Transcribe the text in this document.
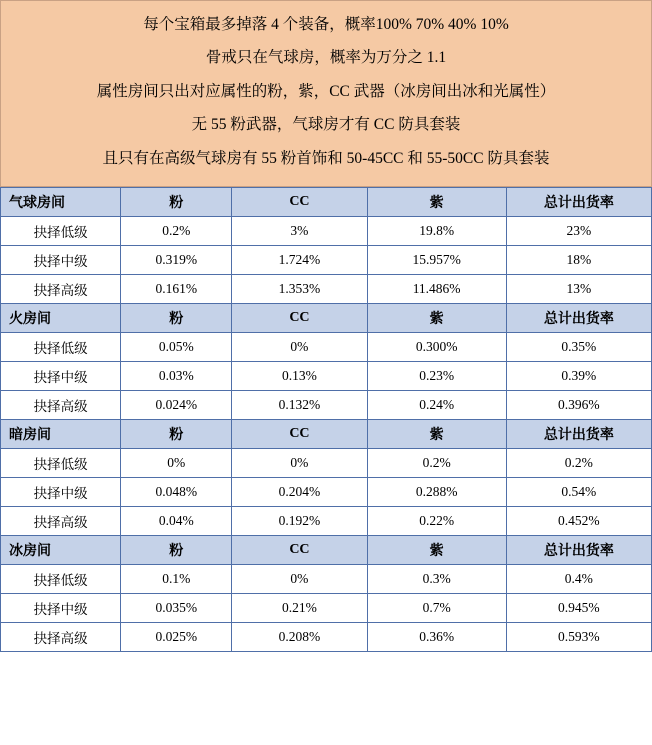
每个宝箱最多掉落 4 个装备，概率100% 70% 40% 10%
骨戒只在气球房，概率为万分之 1.1
属性房间只出对应属性的粉，紫，CC 武器（冰房间出冰和光属性）
无 55 粉武器，气球房才有 CC 防具套装
且只有在高级气球房有 55 粉首饰和 50-45CC 和 55-50CC 防具套装
气球房间	粉	CC	紫	总计出货率
抉择低级	0.2%	3%	19.8%	23%
抉择中级	0.319%	1.724%	15.957%	18%
抉择高级	0.161%	1.353%	11.486%	13%
火房间	粉	CC	紫	总计出货率
抉择低级	0.05%	0%	0.300%	0.35%
抉择中级	0.03%	0.13%	0.23%	0.39%
抉择高级	0.024%	0.132%	0.24%	0.396%
暗房间	粉	CC	紫	总计出货率
抉择低级	0%	0%	0.2%	0.2%
抉择中级	0.048%	0.204%	0.288%	0.54%
抉择高级	0.04%	0.192%	0.22%	0.452%
冰房间	粉	CC	紫	总计出货率
抉择低级	0.1%	0%	0.3%	0.4%
抉择中级	0.035%	0.21%	0.7%	0.945%
抉择高级	0.025%	0.208%	0.36%	0.593%
